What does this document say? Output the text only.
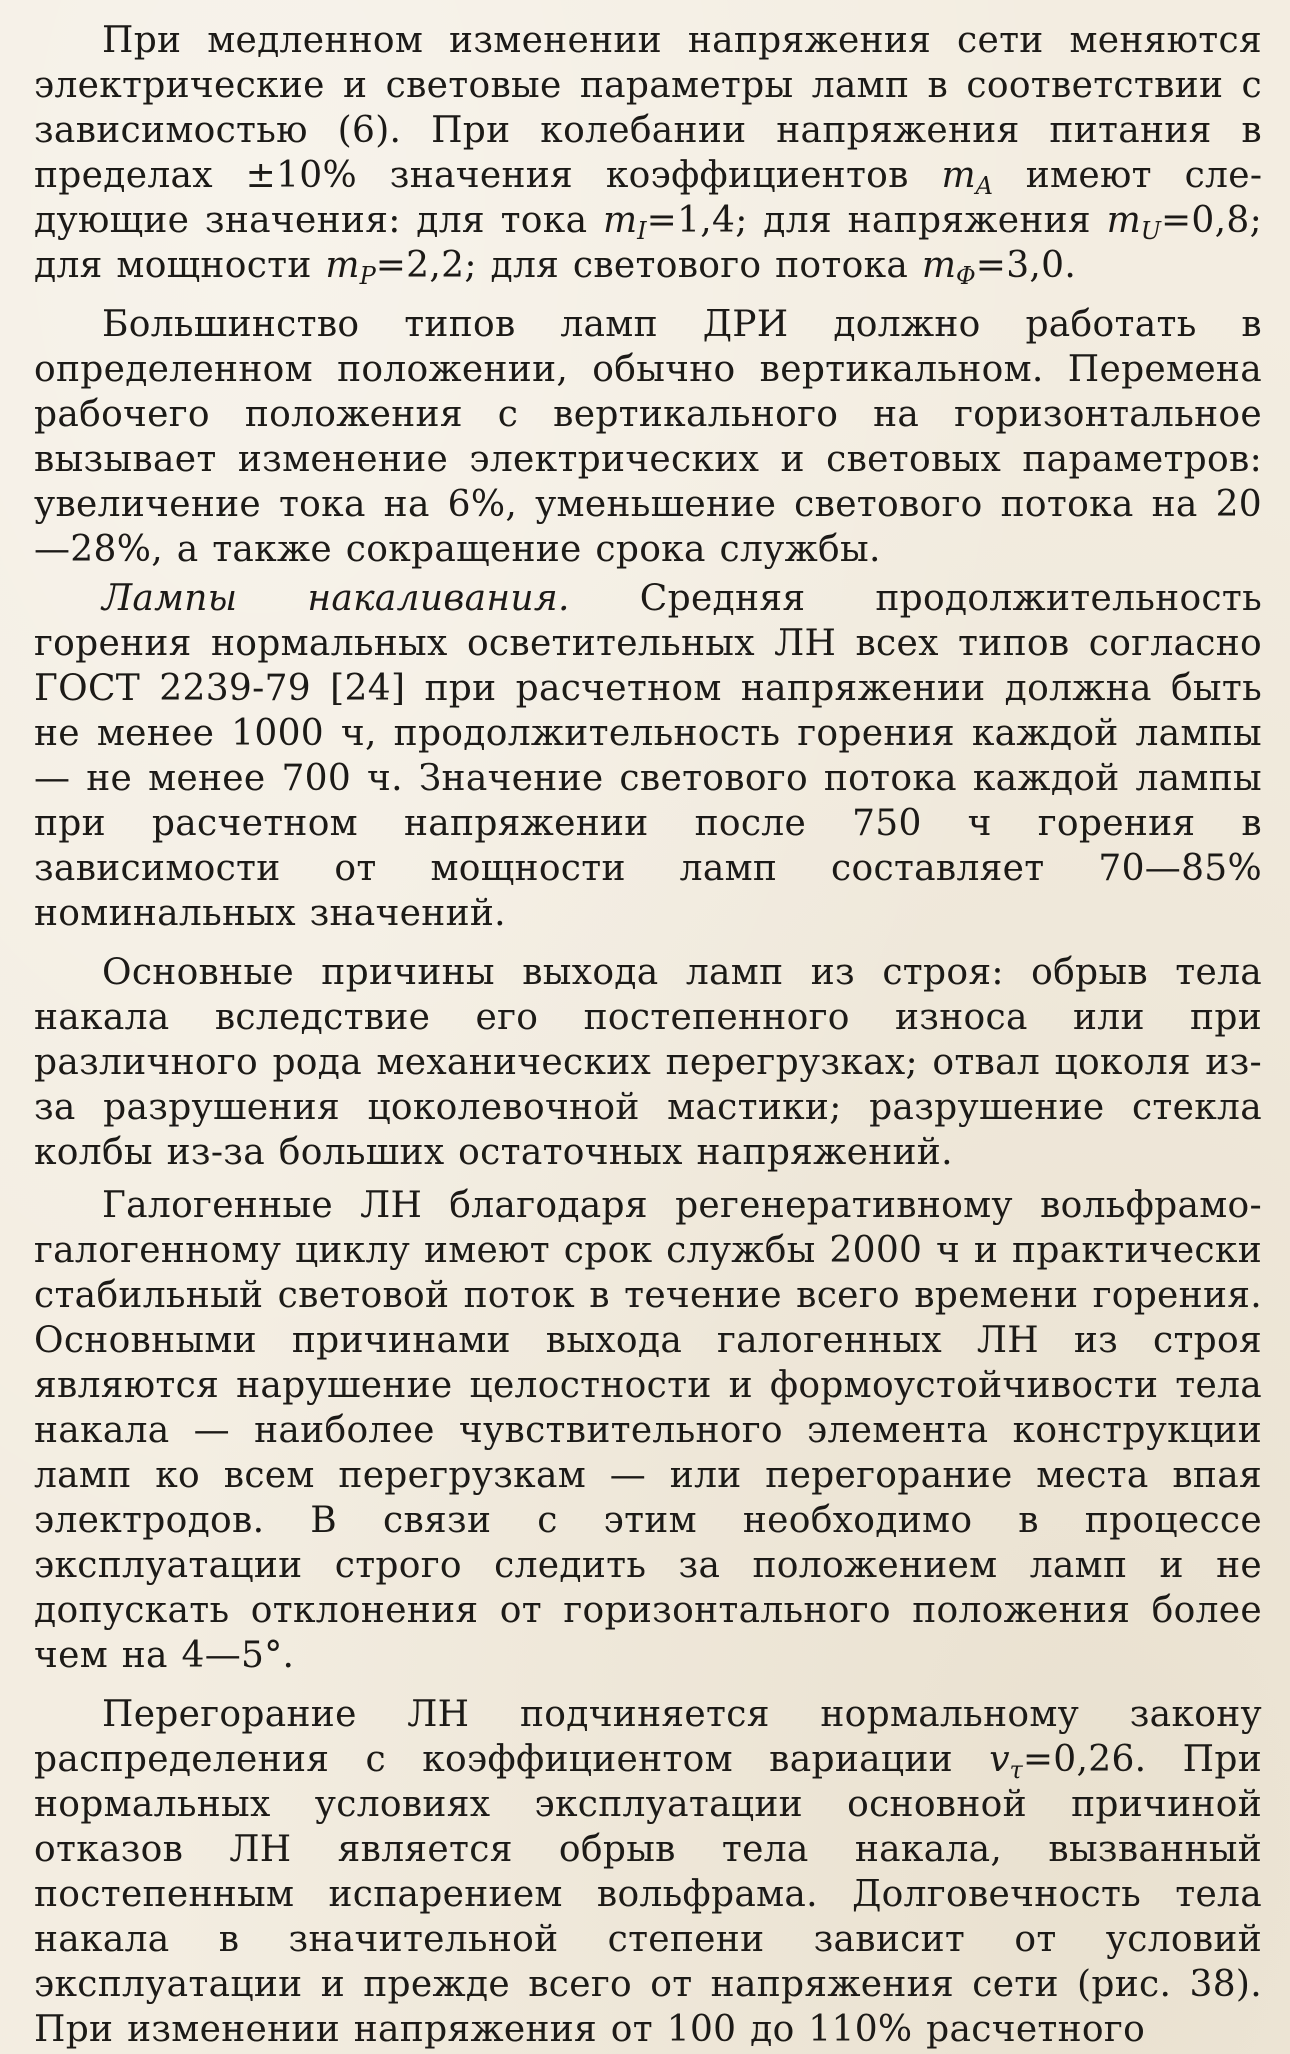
При медленном изменении напряжения сети меняются электрические и световые параметры ламп в соответствии с зависимостью (6). При колебании напряжения питания в пределах ±10% значения коэффициентов $m_A$ имеют следующие значения: для тока $m_I=1,4$; для напряжения $m_U=0,8$; для мощности $m_P=2,2$; для светового потока $m_\Phi=3,0$.

Большинство типов ламп ДРИ должно работать в определенном положении, обычно вертикальном. Перемена рабочего положения с вертикального на горизонтальное вызывает изменение электрических и световых параметров: увеличение тока на 6%, уменьшение светового потока на 20—28%, а также сокращение срока службы.

Лампы накаливания. Средняя продолжительность горения нормальных осветительных ЛН всех типов согласно ГОСТ 2239-79 [24] при расчетном напряжении должна быть не менее 1000 ч, продолжительность горения каждой лампы — не менее 700 ч. Значение светового потока каждой лампы при расчетном напряжении после 750 ч горения в зависимости от мощности ламп составляет 70—85% номинальных значений.

Основные причины выхода ламп из строя: обрыв тела накала вследствие его постепенного износа или при различного рода механических перегрузках; отвал цоколя из-за разрушения цоколевочной мастики; разрушение стекла колбы из-за больших остаточных напряжений.

Галогенные ЛН благодаря регенеративному вольфрамо-галогенному циклу имеют срок службы 2000 ч и практически стабильный световой поток в течение всего времени горения. Основными причинами выхода галогенных ЛН из строя являются нарушение целостности и формоустойчивости тела накала — наиболее чувствительного элемента конструкции ламп ко всем перегрузкам — или перегорание места впая электродов. В связи с этим необходимо в процессе эксплуатации строго следить за положением ламп и не допускать отклонения от горизонтального положения более чем на 4—5°.

Перегорание ЛН подчиняется нормальному закону распределения с коэффициентом вариации $v_\tau=0,26$. При нормальных условиях эксплуатации основной причиной отказов ЛН является обрыв тела накала, вызванный постепенным испарением вольфрама. Долговечность тела накала в значительной степени зависит от условий эксплуатации и прежде всего от напряжения сети (рис. 38). При изменении напряжения от 100 до 110% расчетного
